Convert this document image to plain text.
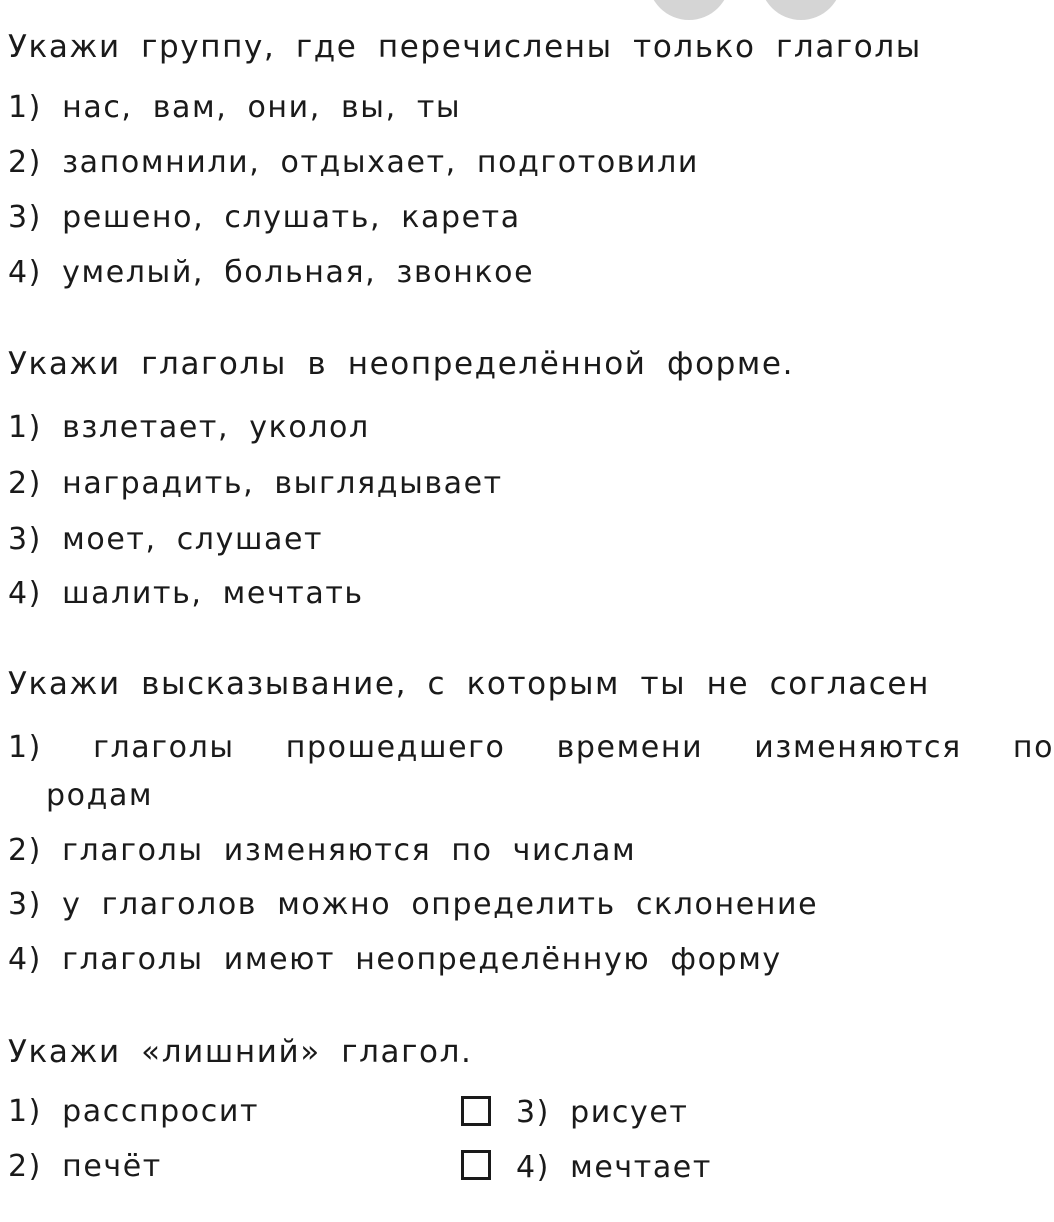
Укажи группу, где перечислены только глаголы
1) нас, вам, они, вы, ты
2) запомнили, отдыхает, подготовили
3) решено, слушать, карета
4) умелый, больная, звонкое
Укажи глаголы в неопределённой форме.
1) взлетает, уколол
2) наградить, выглядывает
3) моет, слушает
4) шалить, мечтать
Укажи высказывание, с которым ты не согласен
1) глаголы прошедшего времени изменяются по
родам
2) глаголы изменяются по числам
3) у глаголов можно определить склонение
4) глаголы имеют неопределённую форму
Укажи «лишний» глагол.
1) расспросит
2) печёт
3) рисует
4) мечтает
